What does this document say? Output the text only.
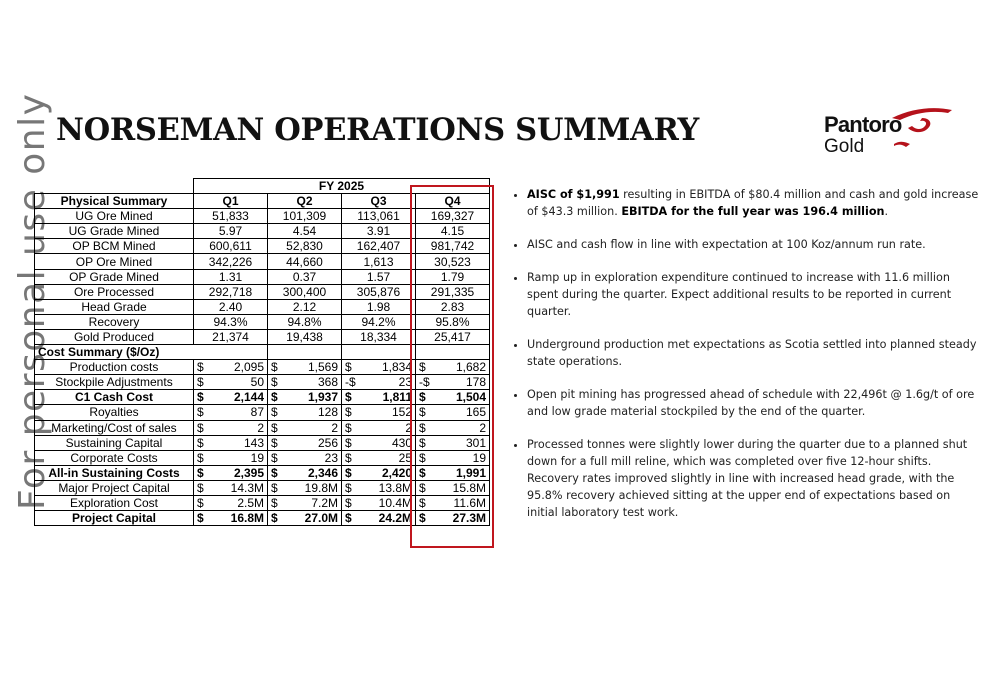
NORSEMAN OPERATIONS SUMMARY	Pantoro
Gold
For personal use only
		FY 2025			
Physical Summary	Q1	Q2	Q3	Q4
UG Ore Mined	51,833	101,309	113,061	169,327
UG Grade Mined	5.97	4.54	3.91	4.15
OP BCM Mined	600,611	52,830	162,407	981,742
OP Ore Mined	342,226	44,660	1,613	30,523
OP Grade Mined	1.31	0.37	1.57	1.79
Ore Processed	292,718	300,400	305,876	291,335
Head Grade	2.40	2.12	1.98	2.83
Recovery	94.3%	94.8%	94.2%	95.8%
Gold Produced	21,374	19,438	18,334	25,417
Cost Summary ($/Oz)				
Production costs	$ 2,095	$ 1,569	$ 1,834	$ 1,682

Stockpile Adjustments	$ 50	$ 368	-$ 23	-$ 178

C1 Cash Cost	$ 2,144	$ 1,937	$ 1,811	$ 1,504

Royalties	$ 87	$ 128	$ 152	$ 165

Marketing/Cost of sales	$ 2	$ 2	$ 2	$ 2

Sustaining Capital	$ 143	$ 256	$ 430	$ 301

Corporate Costs	$ 19	$ 23	$ 25	$ 19

All-in Sustaining Costs	$ 2,395	$ 2,346	$ 2,420	$ 1,991

Major Project Capital	$ 14.3M	$ 19.8M	$ 13.8M	$ 15.8M

Exploration Cost	$ 2.5M	$ 7.2M	$ 10.4M	$ 11.6M

Project Capital	$ 16.8M	$ 27.0M	$ 24.2M	$ 27.3M
• AISC of $1,991 resulting in EBITDA of $80.4 million and cash and gold increase of $43.3 million. EBITDA for the full year was 196.4 million.
• AISC and cash flow in line with expectation at 100 Koz/annum run rate.
• Ramp up in exploration expenditure continued to increase with 11.6 million spent during the quarter. Expect additional results to be reported in current quarter.
• Underground production met expectations as Scotia settled into planned steady state operations.
• Open pit mining has progressed ahead of schedule with 22,496t @ 1.6g/t of ore and low grade material stockpiled by the end of the quarter.
• Processed tonnes were slightly lower during the quarter due to a planned shut down for a full mill reline, which was completed over five 12-hour shifts. Recovery rates improved slightly in line with increased head grade, with the 95.8% recovery achieved sitting at the upper end of expectations based on initial laboratory test work.
